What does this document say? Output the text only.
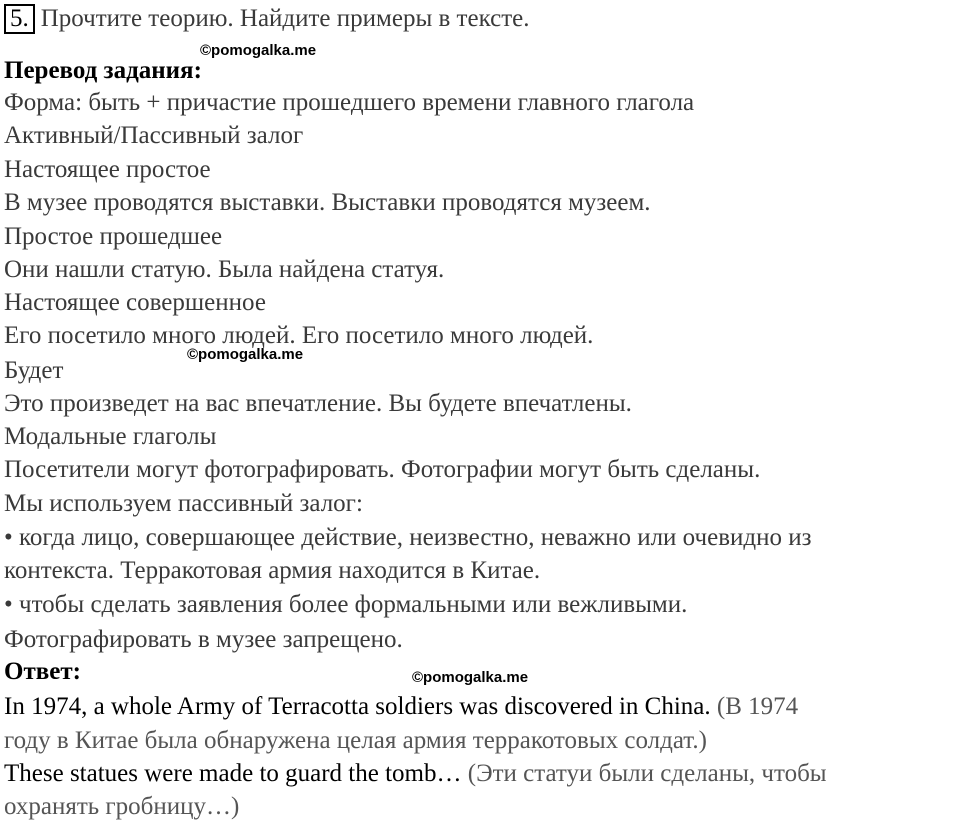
5. Прочтите теорию. Найдите примеры в тексте.
©pomogalka.me
Перевод задания:
Форма: быть + причастие прошедшего времени главного глагола
Активный/Пассивный залог
Настоящее простое
В музее проводятся выставки. Выставки проводятся музеем.
Простое прошедшее
Они нашли статую. Была найдена статуя.
Настоящее совершенное
Его посетило много людей. Его посетило много людей.
©pomogalka.me
Будет
Это произведет на вас впечатление. Вы будете впечатлены.
Модальные глаголы
Посетители могут фотографировать. Фотографии могут быть сделаны.
Мы используем пассивный залог:
• когда лицо, совершающее действие, неизвестно, неважно или очевидно из
контекста. Терракотовая армия находится в Китае.
• чтобы сделать заявления более формальными или вежливыми.
Фотографировать в музее запрещено.
Ответ:	©pomogalka.me
In 1974, a whole Army of Terracotta soldiers was discovered in China. (В 1974
году в Китае была обнаружена целая армия терракотовых солдат.)
These statues were made to guard the tomb… (Эти статуи были сделаны, чтобы
охранять гробницу…)
